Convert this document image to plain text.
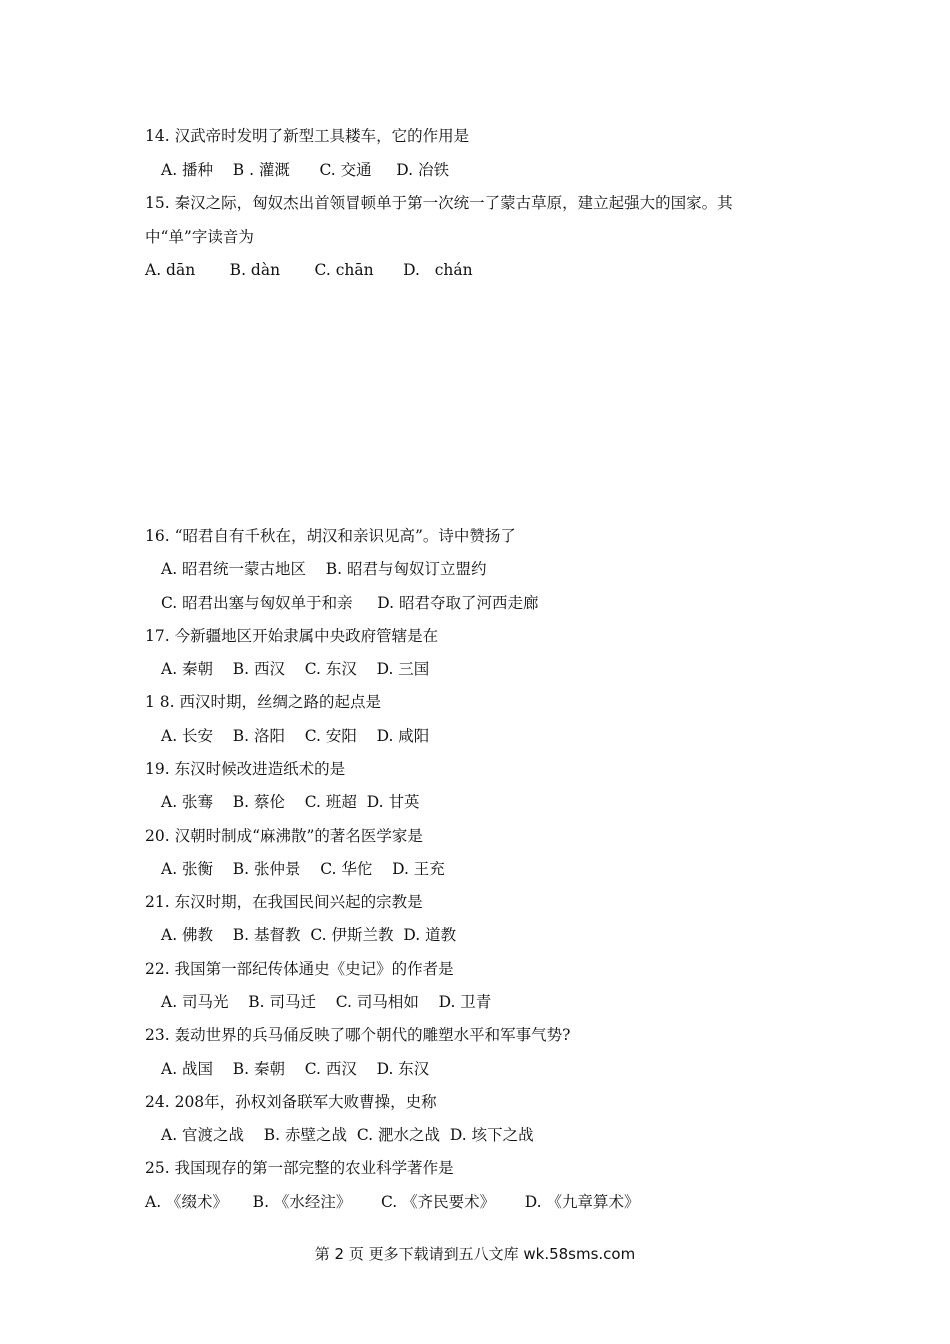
14. 汉武帝时发明了新型工具耧车，它的作用是

A. 播种    B . 灌溉      C. 交通     D. 冶铁

15. 秦汉之际，匈奴杰出首领冒顿单于第一次统一了蒙古草原，建立起强大的国家。其

中“单”字读音为

A. dān       B. dàn       C. chān      D.   chán

16. “昭君自有千秋在，胡汉和亲识见高”。诗中赞扬了

A. 昭君统一蒙古地区    B. 昭君与匈奴订立盟约

C. 昭君出塞与匈奴单于和亲     D. 昭君夺取了河西走廊

17. 今新疆地区开始隶属中央政府管辖是在

A. 秦朝    B. 西汉    C. 东汉    D. 三国

1 8. 西汉时期，丝绸之路的起点是

A. 长安    B. 洛阳    C. 安阳    D. 咸阳

19. 东汉时候改进造纸术的是

A. 张骞    B. 蔡伦    C. 班超  D. 甘英

20. 汉朝时制成“麻沸散”的著名医学家是

A. 张衡    B. 张仲景    C. 华佗    D. 王充

21. 东汉时期，在我国民间兴起的宗教是

A. 佛教    B. 基督教  C. 伊斯兰教  D. 道教

22. 我国第一部纪传体通史《史记》的作者是

A. 司马光    B. 司马迁    C. 司马相如    D. 卫青

23. 轰动世界的兵马俑反映了哪个朝代的雕塑水平和军事气势?

A. 战国    B. 秦朝    C. 西汉    D. 东汉

24. 208年，孙权刘备联军大败曹操，史称

A. 官渡之战    B. 赤壁之战  C. 淝水之战  D. 垓下之战

25. 我国现存的第一部完整的农业科学著作是

A. 《缀术》     B. 《水经注》      C. 《齐民要术》      D. 《九章算术》

第 2 页 更多下载请到五八文库 wk.58sms.com
